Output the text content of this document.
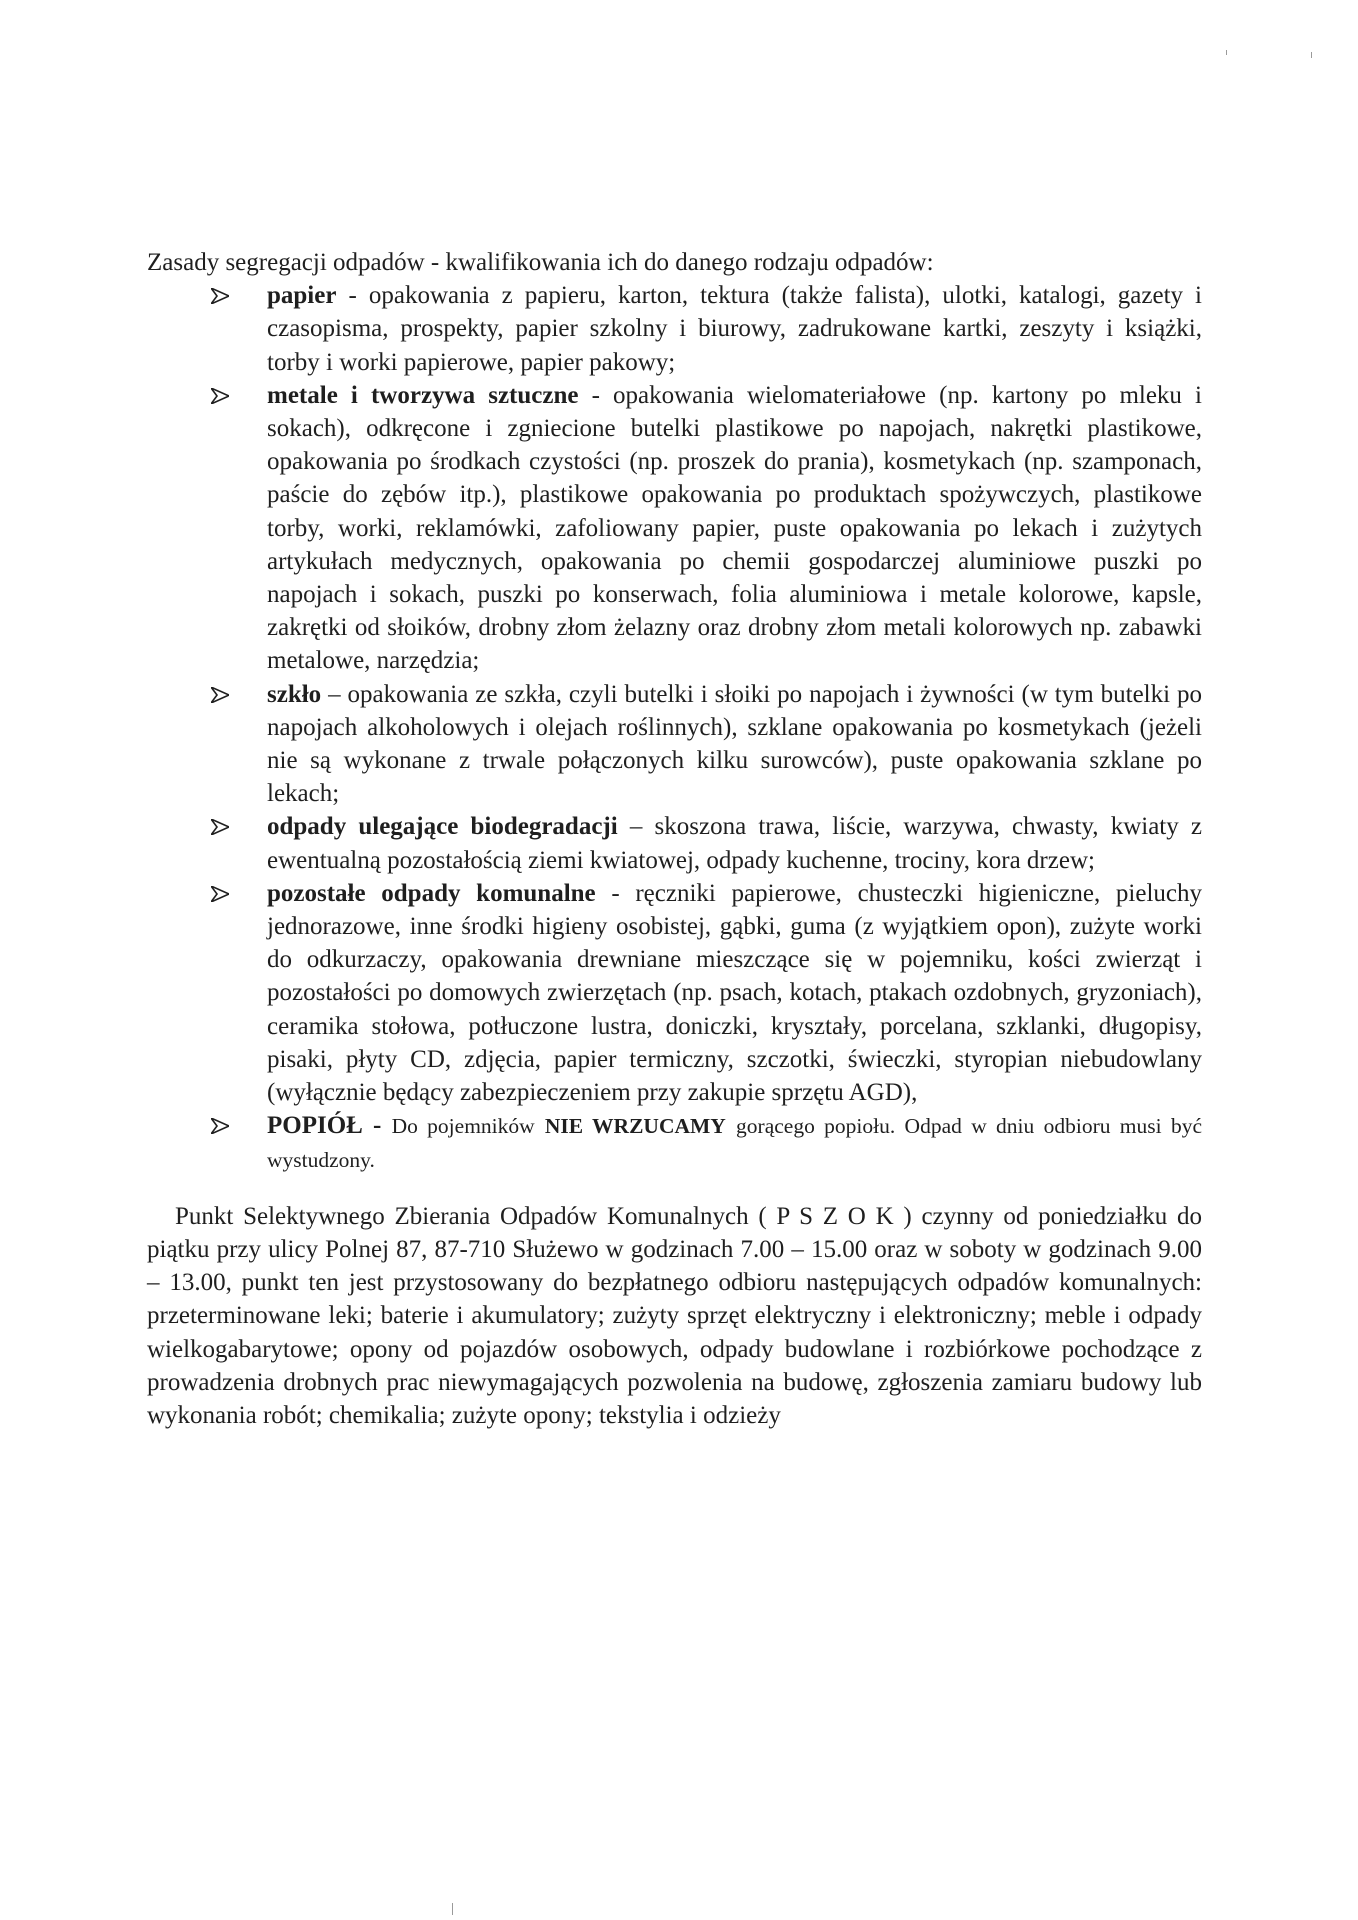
Zasady segregacji odpadów - kwalifikowania ich do danego rodzaju odpadów:

papier - opakowania z papieru, karton, tektura (także falista), ulotki, katalogi, gazety i czasopisma, prospekty, papier szkolny i biurowy, zadrukowane kartki, zeszyty i książki, torby i worki papierowe, papier pakowy;
metale i tworzywa sztuczne - opakowania wielomateriałowe (np. kartony po mleku i sokach), odkręcone i zgniecione butelki plastikowe po napojach, nakrętki plastikowe, opakowania po środkach czystości (np. proszek do prania), kosmetykach (np. szamponach, paście do zębów itp.), plastikowe opakowania po produktach spożywczych, plastikowe torby, worki, reklamówki, zafoliowany papier, puste opakowania po lekach i zużytych artykułach medycznych, opakowania po chemii gospodarczej aluminiowe puszki po napojach i sokach, puszki po konserwach, folia aluminiowa i metale kolorowe, kapsle, zakrętki od słoików, drobny złom żelazny oraz drobny złom metali kolorowych np. zabawki metalowe, narzędzia;
szkło – opakowania ze szkła, czyli butelki i słoiki po napojach i żywności (w tym butelki po napojach alkoholowych i olejach roślinnych), szklane opakowania po kosmetykach (jeżeli nie są wykonane z trwale połączonych kilku surowców), puste opakowania szklane po lekach;
odpady ulegające biodegradacji – skoszona trawa, liście, warzywa, chwasty, kwiaty z ewentualną pozostałością ziemi kwiatowej, odpady kuchenne, trociny, kora drzew;
pozostałe odpady komunalne - ręczniki papierowe, chusteczki higieniczne, pieluchy jednorazowe, inne środki higieny osobistej, gąbki, guma (z wyjątkiem opon), zużyte worki do odkurzaczy, opakowania drewniane mieszczące się w pojemniku, kości zwierząt i pozostałości po domowych zwierzętach (np. psach, kotach, ptakach ozdobnych, gryzoniach), ceramika stołowa, potłuczone lustra, doniczki, kryształy, porcelana, szklanki, długopisy, pisaki, płyty CD, zdjęcia, papier termiczny, szczotki, świeczki, styropian niebudowlany (wyłącznie będący zabezpieczeniem przy zakupie sprzętu AGD),
POPIÓŁ - Do pojemników NIE WRZUCAMY gorącego popiołu. Odpad w dniu odbioru musi być wystudzony.

Punkt Selektywnego Zbierania Odpadów Komunalnych ( P S Z O K ) czynny od poniedziałku do piątku przy ulicy Polnej 87, 87-710 Służewo w godzinach 7.00 – 15.00 oraz w soboty w godzinach 9.00 – 13.00, punkt ten jest przystosowany do bezpłatnego odbioru następujących odpadów komunalnych: przeterminowane leki; baterie i akumulatory; zużyty sprzęt elektryczny i elektroniczny; meble i odpady wielkogabarytowe; opony od pojazdów osobowych, odpady budowlane i rozbiórkowe pochodzące z prowadzenia drobnych prac niewymagających pozwolenia na budowę, zgłoszenia zamiaru budowy lub wykonania robót; chemikalia; zużyte opony; tekstylia i odzieży
